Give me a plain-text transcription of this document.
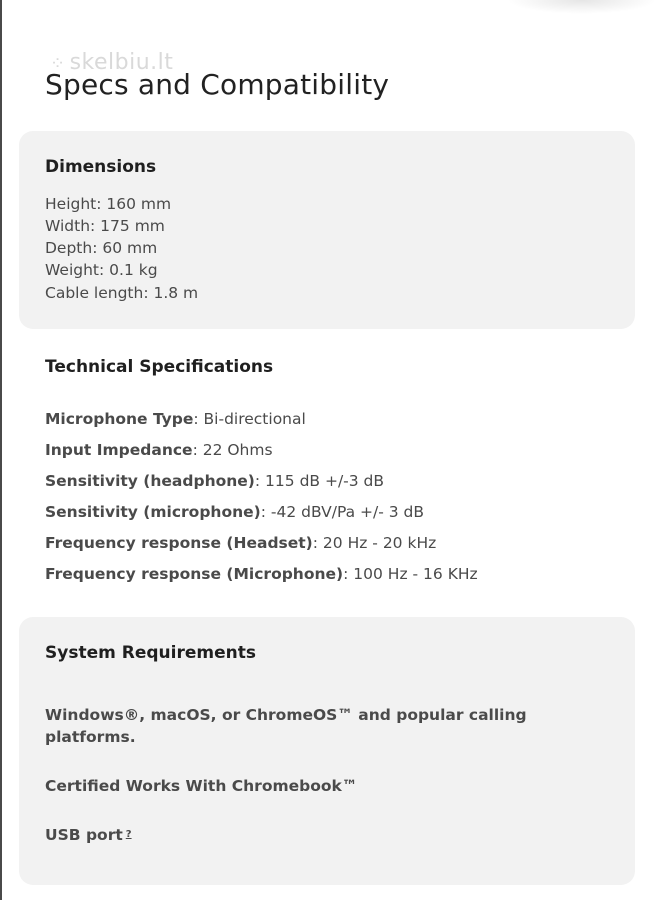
⁘ skelbiu.lt
Specs and Compatibility
Dimensions
Height: 160 mm
Width: 175 mm
Depth: 60 mm
Weight: 0.1 kg
Cable length: 1.8 m
Technical Specifications
Microphone Type: Bi-directional
Input Impedance: 22 Ohms
Sensitivity (headphone): 115 dB +/-3 dB
Sensitivity (microphone): -42 dBV/Pa +/- 3 dB
Frequency response (Headset): 20 Hz - 20 kHz
Frequency response (Microphone): 100 Hz - 16 KHz
System Requirements

Windows®, macOS, or ChromeOS™ and popular calling platforms.

Certified Works With Chromebook™

USB port ?
